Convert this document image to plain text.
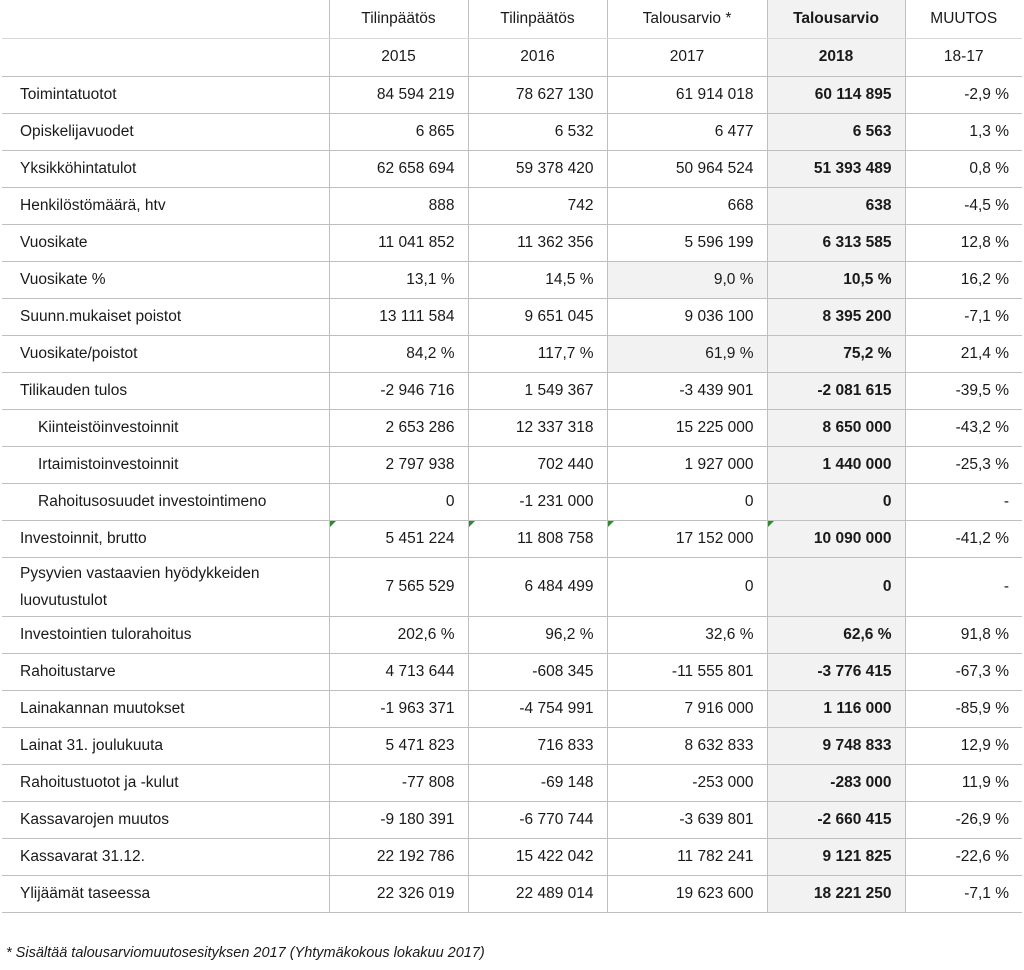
	Tilinpäätös	Tilinpäätös	Talousarvio *	Talousarvio	MUUTOS
	2015	2016	2017	2018	18-17
Toimintatuotot	84 594 219	78 627 130	61 914 018	60 114 895	-2,9 %
Opiskelijavuodet	6 865	6 532	6 477	6 563	1,3 %
Yksikköhintatulot	62 658 694	59 378 420	50 964 524	51 393 489	0,8 %
Henkilöstömäärä, htv	888	742	668	638	-4,5 %
Vuosikate	11 041 852	11 362 356	5 596 199	6 313 585	12,8 %
Vuosikate %	13,1 %	14,5 %	9,0 %	10,5 %	16,2 %
Suunn.mukaiset poistot	13 111 584	9 651 045	9 036 100	8 395 200	-7,1 %
Vuosikate/poistot	84,2 %	117,7 %	61,9 %	75,2 %	21,4 %
Tilikauden tulos	-2 946 716	1 549 367	-3 439 901	-2 081 615	-39,5 %
Kiinteistöinvestoinnit	2 653 286	12 337 318	15 225 000	8 650 000	-43,2 %
Irtaimistoinvestoinnit	2 797 938	702 440	1 927 000	1 440 000	-25,3 %
Rahoitusosuudet investointimeno	0	-1 231 000	0	0	-
Investoinnit, brutto	5 451 224	11 808 758	17 152 000	10 090 000	-41,2 %
Pysyvien vastaavien hyödykkeiden luovutustulot	7 565 529	6 484 499	0	0	-
Investointien tulorahoitus	202,6 %	96,2 %	32,6 %	62,6 %	91,8 %
Rahoitustarve	4 713 644	-608 345	-11 555 801	-3 776 415	-67,3 %
Lainakannan muutokset	-1 963 371	-4 754 991	7 916 000	1 116 000	-85,9 %
Lainat 31. joulukuuta	5 471 823	716 833	8 632 833	9 748 833	12,9 %
Rahoitustuotot ja -kulut	-77 808	-69 148	-253 000	-283 000	11,9 %
Kassavarojen muutos	-9 180 391	-6 770 744	-3 639 801	-2 660 415	-26,9 %
Kassavarat 31.12.	22 192 786	15 422 042	11 782 241	9 121 825	-22,6 %
Ylijäämät taseessa	22 326 019	22 489 014	19 623 600	18 221 250	-7,1 %
* Sisältää talousarviomuutosesityksen 2017 (Yhtymäkokous lokakuu 2017)
